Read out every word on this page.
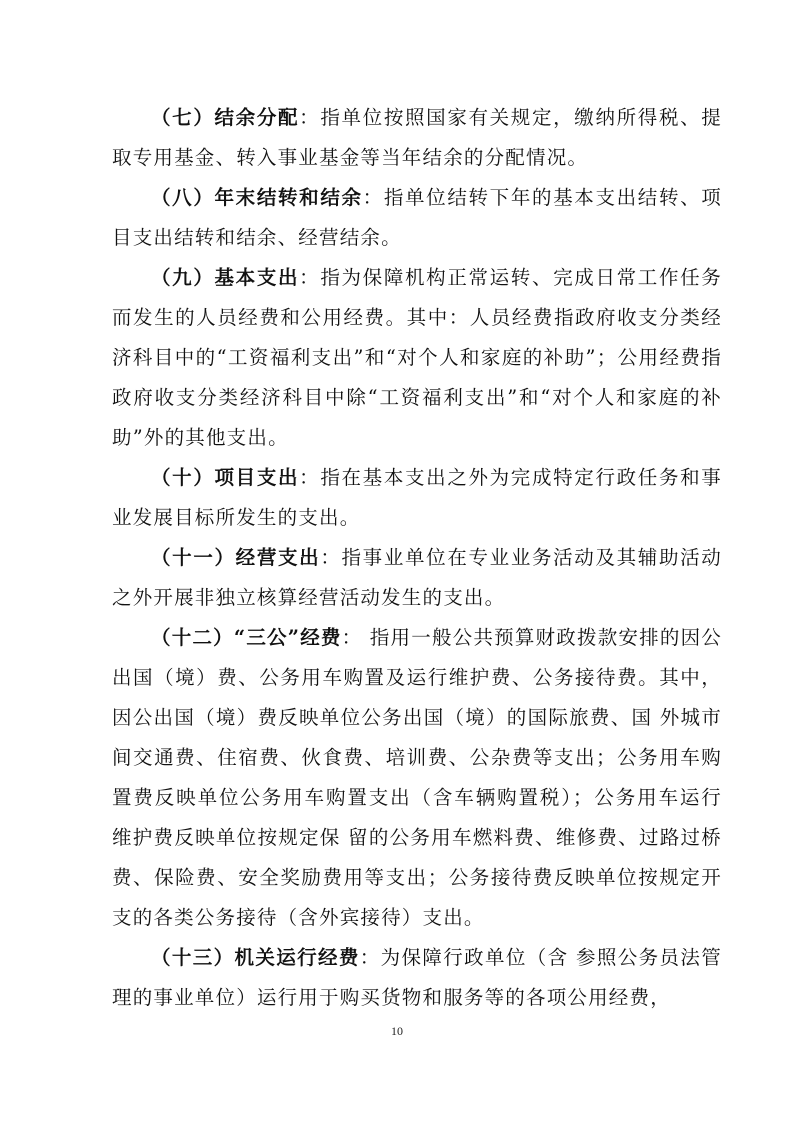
（七）结余分配：指单位按照国家有关规定，缴纳所得税、提取专用基金、转入事业基金等当年结余的分配情况。

（八）年末结转和结余：指单位结转下年的基本支出结转、项目支出结转和结余、经营结余。

（九）基本支出：指为保障机构正常运转、完成日常工作任务而发生的人员经费和公用经费。其中：人员经费指政府收支分类经济科目中的“工资福利支出”和“对个人和家庭的补助”；公用经费指政府收支分类经济科目中除“工资福利支出”和“对个人和家庭的补助”外的其他支出。

（十）项目支出：指在基本支出之外为完成特定行政任务和事业发展目标所发生的支出。

（十一）经营支出：指事业单位在专业业务活动及其辅助活动之外开展非独立核算经营活动发生的支出。

（十二）“三公”经费： 指用一般公共预算财政拨款安排的因公出国（境）费、公务用车购置及运行维护费、公务接待费。其中，因公出国（境）费反映单位公务出国（境）的国际旅费、国 外城市间交通费、住宿费、伙食费、培训费、公杂费等支出；公务用车购置费反映单位公务用车购置支出（含车辆购置税）；公务用车运行维护费反映单位按规定保 留的公务用车燃料费、维修费、过路过桥费、保险费、安全奖励费用等支出；公务接待费反映单位按规定开支的各类公务接待（含外宾接待）支出。

（十三）机关运行经费：为保障行政单位（含 参照公务员法管理的事业单位）运行用于购买货物和服务等的各项公用经费，

10
